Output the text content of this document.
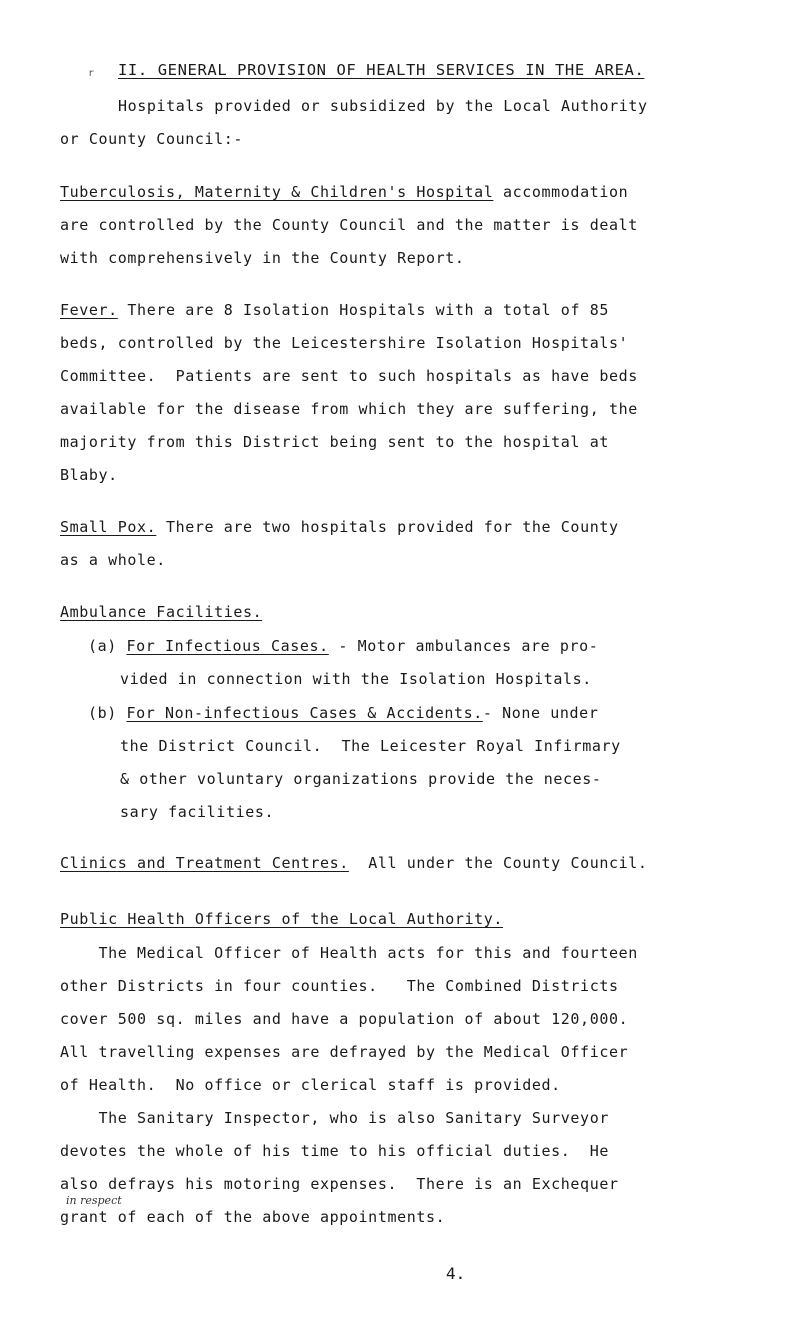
r II. GENERAL PROVISION OF HEALTH SERVICES IN THE AREA.
Hospitals provided or subsidized by the Local Authority
or County Council:-
Tuberculosis, Maternity & Children's Hospital accommodation
are controlled by the County Council and the matter is dealt
with comprehensively in the County Report.
Fever. There are 8 Isolation Hospitals with a total of 85
beds, controlled by the Leicestershire Isolation Hospitals'
Committee.  Patients are sent to such hospitals as have beds
available for the disease from which they are suffering, the
majority from this District being sent to the hospital at
Blaby.
Small Pox. There are two hospitals provided for the County
as a whole.
Ambulance Facilities.
(a) For Infectious Cases. - Motor ambulances are pro-
vided in connection with the Isolation Hospitals.
(b) For Non-infectious Cases & Accidents.- None under
the District Council.  The Leicester Royal Infirmary
& other voluntary organizations provide the neces-
sary facilities.
Clinics and Treatment Centres.  All under the County Council.
Public Health Officers of the Local Authority.
The Medical Officer of Health acts for this and fourteen
other Districts in four counties.   The Combined Districts
cover 500 sq. miles and have a population of about 120,000.
All travelling expenses are defrayed by the Medical Officer
of Health.  No office or clerical staff is provided.
The Sanitary Inspector, who is also Sanitary Surveyor
devotes the whole of his time to his official duties.  He
also defrays his motoring expenses.  There is an Exchequer
grant of each of the above appointments.
in respect
4.
